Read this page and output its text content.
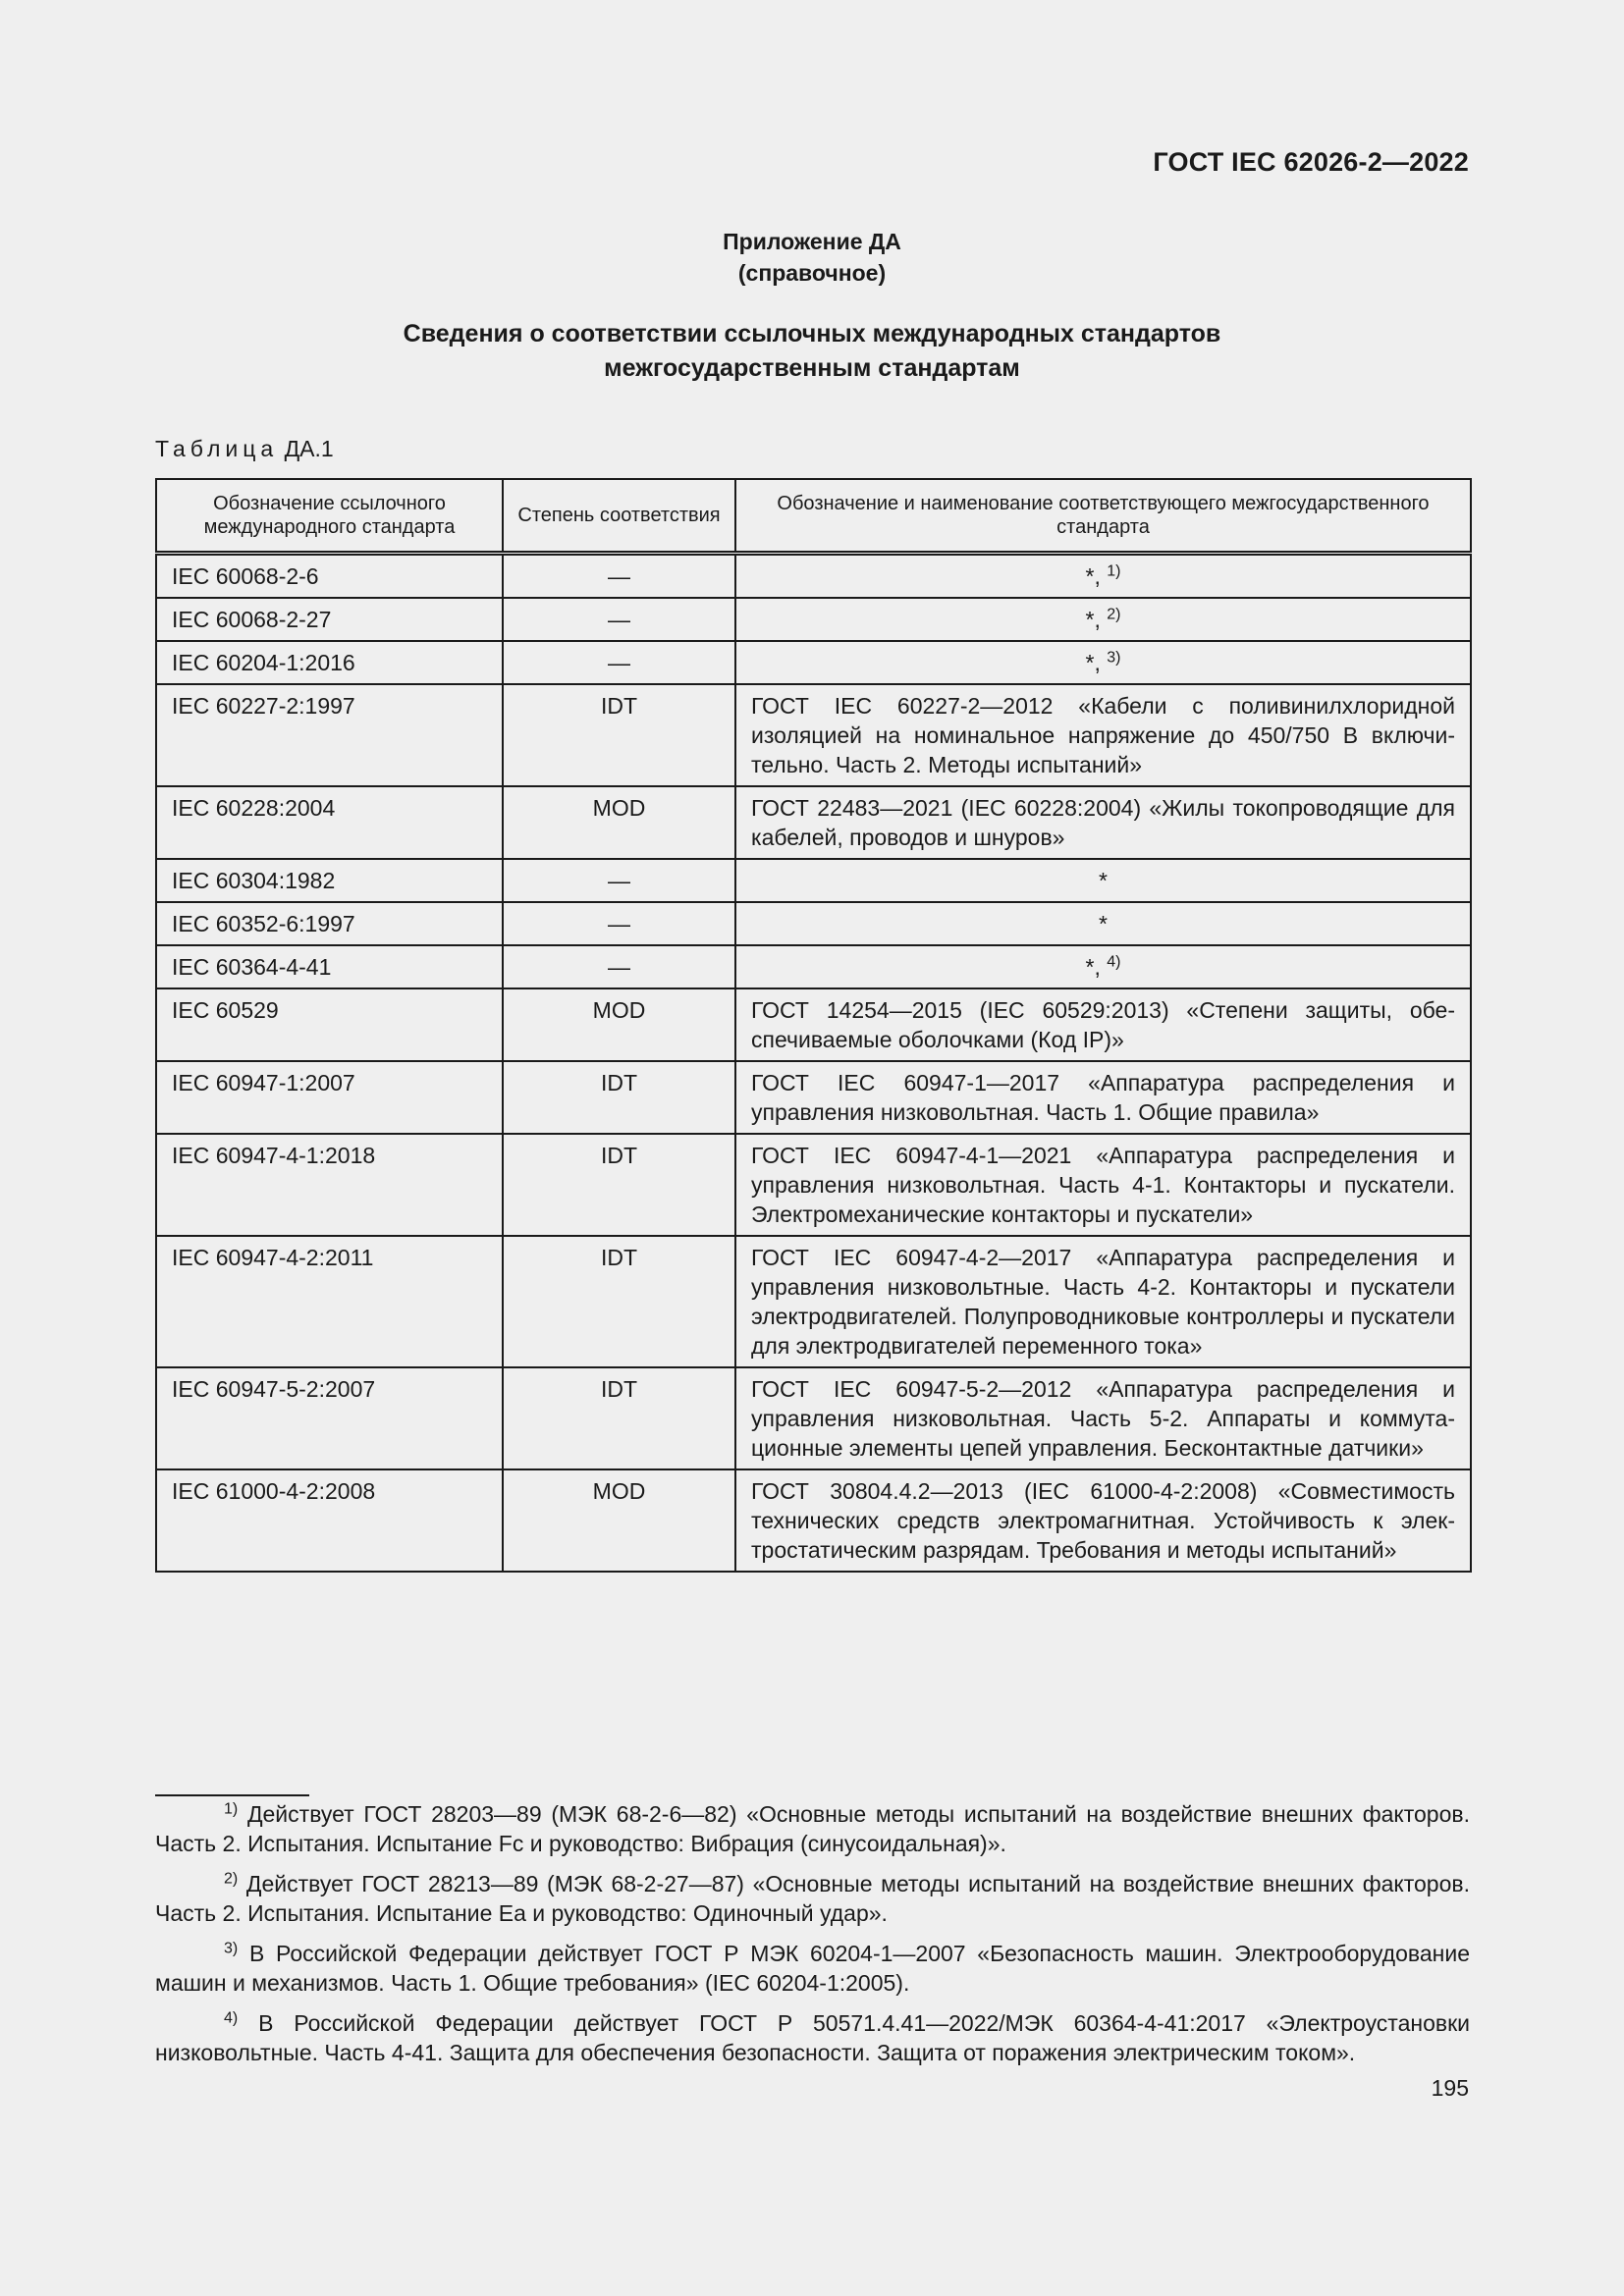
ГОСТ IEC 62026-2—2022
Приложение ДА
(справочное)
Сведения о соответствии ссылочных международных стандартов
межгосударственным стандартам
Таблица ДА.1
Обозначение ссылочного международного стандарта	Степень соответствия	Обозначение и наименование соответствующего межгосударственного стандарта
IEC 60068-2-6	—	*, $^{1)}$
IEC 60068-2-27	—	*, $^{2)}$
IEC 60204-1:2016	—	*, $^{3)}$
IEC 60227-2:1997	IDT	ГОСТ IEC 60227-2—2012 «Кабели с поливинилхлоридной изоляцией на номинальное напряжение до 450/750 В включительно. Часть 2. Методы испытаний»
IEC 60228:2004	MOD	ГОСТ 22483—2021 (IEC 60228:2004) «Жилы токопроводящие для кабелей, проводов и шнуров»
IEC 60304:1982	—	*
IEC 60352-6:1997	—	*
IEC 60364-4-41	—	*, $^{4)}$
IEC 60529	MOD	ГОСТ 14254—2015 (IEC 60529:2013) «Степени защиты, обеспечиваемые оболочками (Код IP)»
IEC 60947-1:2007	IDT	ГОСТ IEC 60947-1—2017 «Аппаратура распределения и управления низковольтная. Часть 1. Общие правила»
IEC 60947-4-1:2018	IDT	ГОСТ IEC 60947-4-1—2021 «Аппаратура распределения и управления низковольтная. Часть 4-1. Контакторы и пускатели. Электромеханические контакторы и пускатели»
IEC 60947-4-2:2011	IDT	ГОСТ IEC 60947-4-2—2017 «Аппаратура распределения и управления низковольтные. Часть 4-2. Контакторы и пускатели электродвигателей. Полупроводниковые контроллеры и пускатели для электродвигателей переменного тока»
IEC 60947-5-2:2007	IDT	ГОСТ IEC 60947-5-2—2012 «Аппаратура распределения и управления низковольтная. Часть 5-2. Аппараты и коммутационные элементы цепей управления. Бесконтактные датчики»
IEC 61000-4-2:2008	MOD	ГОСТ 30804.4.2—2013 (IEC 61000-4-2:2008) «Совместимость технических средств электромагнитная. Устойчивость к электростатическим разрядам. Требования и методы испытаний»

$^{1)}$ Действует ГОСТ 28203—89 (МЭК 68-2-6—82) «Основные методы испытаний на воздействие внешних факторов. Часть 2. Испытания. Испытание Fc и руководство: Вибрация (синусоидальная)».

$^{2)}$ Действует ГОСТ 28213—89 (МЭК 68-2-27—87) «Основные методы испытаний на воздействие внешних факторов. Часть 2. Испытания. Испытание Еа и руководство: Одиночный удар».

$^{3)}$ В Российской Федерации действует ГОСТ Р МЭК 60204-1—2007 «Безопасность машин. Электрооборудование машин и механизмов. Часть 1. Общие требования» (IEC 60204-1:2005).

$^{4)}$ В Российской Федерации действует ГОСТ Р 50571.4.41—2022/МЭК 60364-4-41:2017 «Электроустановки низковольтные. Часть 4-41. Защита для обеспечения безопасности. Защита от поражения электрическим током».

195
